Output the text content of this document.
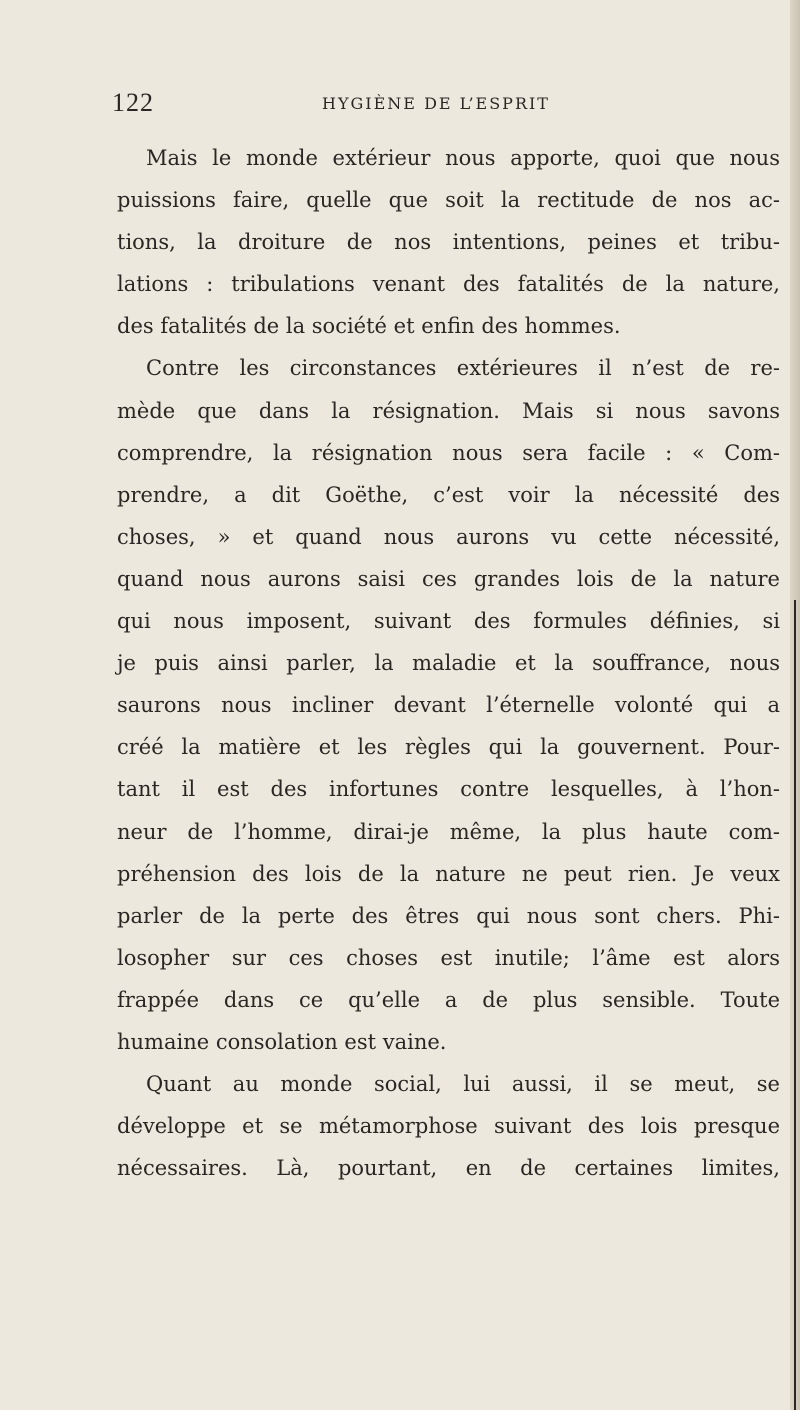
122	HYGIÈNE DE L’ESPRIT
Mais le monde extérieur nous apporte, quoi que nous
puissions faire, quelle que soit la rectitude de nos ac-
tions, la droiture de nos intentions, peines et tribu-
lations : tribulations venant des fatalités de la nature,
des fatalités de la société et enfin des hommes.
Contre les circonstances extérieures il n’est de re-
mède que dans la résignation. Mais si nous savons
comprendre, la résignation nous sera facile : « Com-
prendre, a dit Goëthe, c’est voir la nécessité des
choses, » et quand nous aurons vu cette nécessité,
quand nous aurons saisi ces grandes lois de la nature
qui nous imposent, suivant des formules définies, si
je puis ainsi parler, la maladie et la souffrance, nous
saurons nous incliner devant l’éternelle volonté qui a
créé la matière et les règles qui la gouvernent. Pour-
tant il est des infortunes contre lesquelles, à l’hon-
neur de l’homme, dirai-je même, la plus haute com-
préhension des lois de la nature ne peut rien. Je veux
parler de la perte des êtres qui nous sont chers. Phi-
losopher sur ces choses est inutile; l’âme est alors
frappée dans ce qu’elle a de plus sensible. Toute
humaine consolation est vaine.
Quant au monde social, lui aussi, il se meut, se
développe et se métamorphose suivant des lois presque
nécessaires. Là, pourtant, en de certaines limites,
